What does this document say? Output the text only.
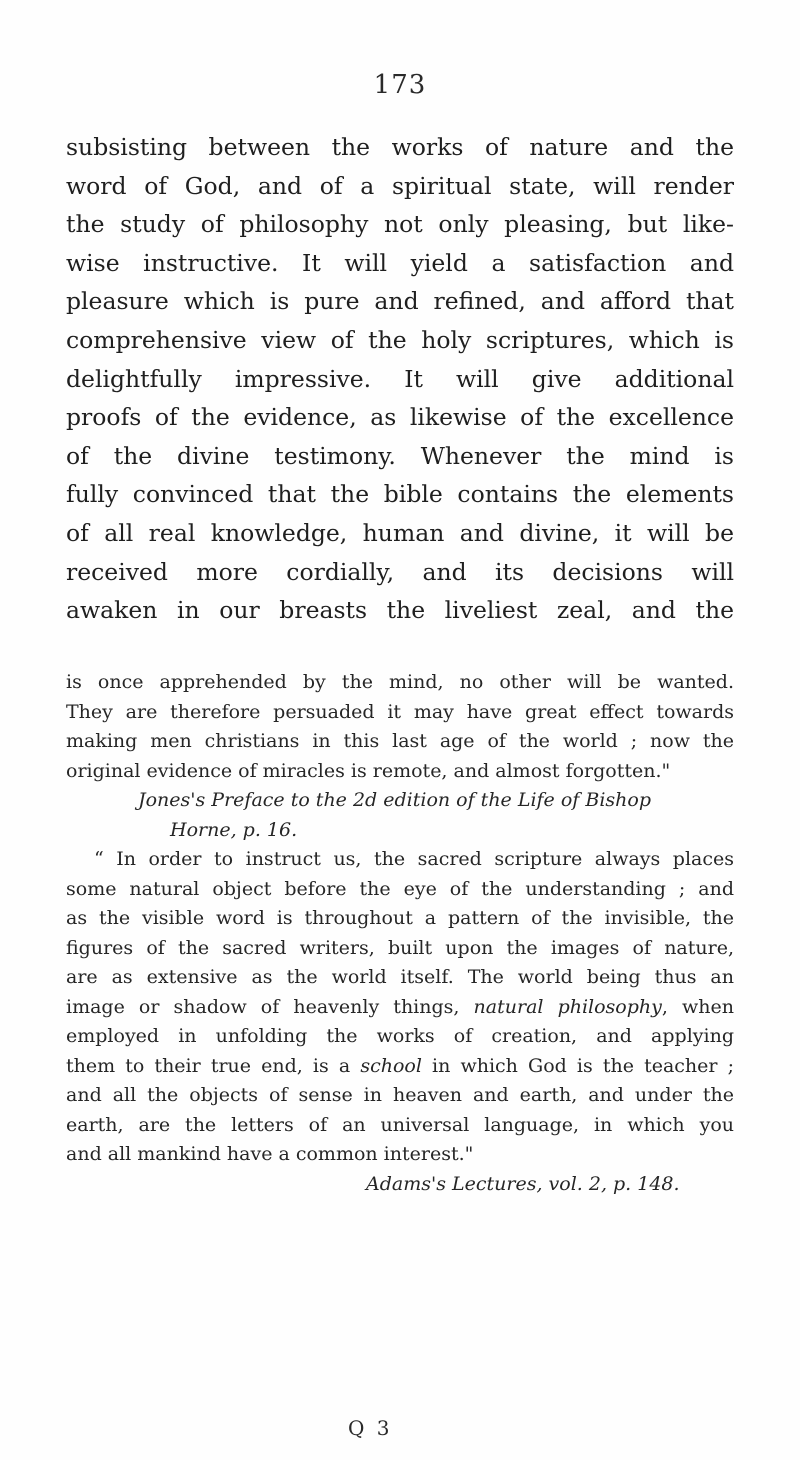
173
subsisting between the works of nature and the
word of God, and of a spiritual state, will render
the study of philosophy not only pleasing, but like-
wise instructive. It will yield a satisfaction and
pleasure which is pure and refined, and afford that
comprehensive view of the holy scriptures, which is
delightfully impressive. It will give additional
proofs of the evidence, as likewise of the excellence
of the divine testimony. Whenever the mind is
fully convinced that the bible contains the elements
of all real knowledge, human and divine, it will be
received more cordially, and its decisions will
awaken in our breasts the liveliest zeal, and the
is once apprehended by the mind, no other will be wanted.
They are therefore persuaded it may have great effect towards
making men christians in this last age of the world ; now the
original evidence of miracles is remote, and almost forgotten."
Jones's Preface to the 2d edition of the Life of Bishop
Horne, p. 16.
“ In order to instruct us, the sacred scripture always places
some natural object before the eye of the understanding ; and
as the visible word is throughout a pattern of the invisible, the
figures of the sacred writers, built upon the images of nature,
are as extensive as the world itself. The world being thus an
image or shadow of heavenly things, natural philosophy, when
employed in unfolding the works of creation, and applying
them to their true end, is a school in which God is the teacher ;
and all the objects of sense in heaven and earth, and under the
earth, are the letters of an universal language, in which you
and all mankind have a common interest."
Adams's Lectures, vol. 2, p. 148.
Q 3
